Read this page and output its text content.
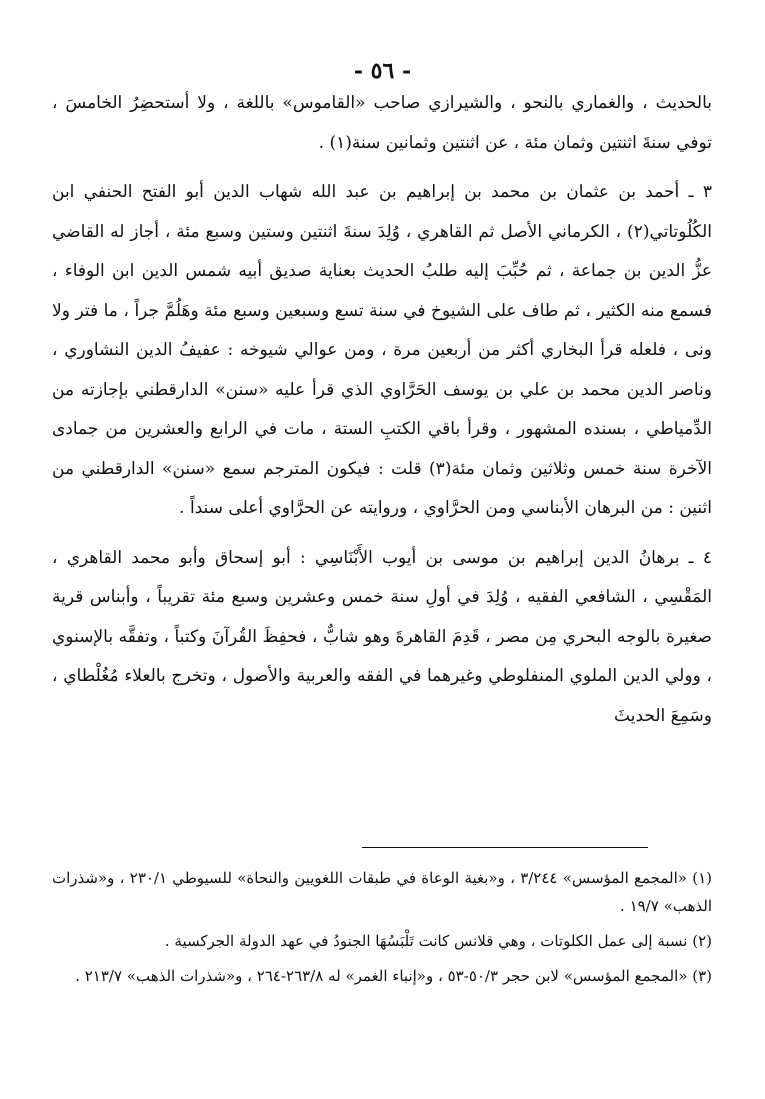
- ٥٦ -

بالحديث ، والغماري بالنحو ، والشيرازي صاحب «القاموس» باللغة ، ولا أستحضِرُ الخامسَ ، توفي سنةَ اثنتين وثمان مئة ، عن اثنتين وثمانين سنة(١) .

٣ ـ أحمد بن عثمان بن محمد بن إبراهيم بن عبد الله شهاب الدين أبو الفتح الحنفي ابن الكُلُوتاتي(٢) ، الكرماني الأصل ثم القاهري ، وُلِدَ سنةَ اثنتين وستين وسبع مئة ، أجاز له القاضي عزُّ الدين بن جماعة ، ثم حُبِّبَ إليه طلبُ الحديث بعناية صديق أبيه شمس الدين ابن الوفاء ، فسمع منه الكثير ، ثم طاف على الشيوخ في سنة تسع وسبعين وسبع مئة وهَلُمَّ جراً ، ما فتر ولا ونى ، فلعله قرأ البخاري أكثر من أربعين مرة ، ومن عوالي شيوخه : عفيفُ الدين النشاوري ، وناصر الدين محمد بن علي بن يوسف الحَرَّاوي الذي قرأ عليه «سنن» الدارقطني بإجازته من الدِّمياطي ، بسنده المشهور ، وقرأ باقي الكتبِ الستة ، مات في الرابع والعشرين من جمادى الآخرة سنة خمس وثلاثين وثمان مئة(٣) قلت : فيكون المترجم سمع «سنن» الدارقطني من اثنين : من البرهان الأبناسي ومن الحرَّاوي ، وروايته عن الحرَّاوي أعلى سنداً .

٤ ـ برهانُ الدين إبراهيم بن موسى بن أيوب الأَبْنَاسِي : أبو إسحاق وأبو محمد القاهري ، المَقْسِي ، الشافعي الفقيه ، وُلِدَ في أولِ سنة خمس وعشرين وسبع مئة تقريباً ، وأبناس قرية صغيرة بالوجه البحري مِن مصر ، قَدِمَ القاهرةَ وهو شابٌّ ، فحفِظَ القُرآنَ وكتباً ، وتفقَّه بالإسنوي ، وولي الدين الملوي المنفلوطي وغيرهما في الفقه والعربية والأصول ، وتخرج بالعلاء مُغُلْطاي ، وسَمِعَ الحديثَ

(١) «المجمع المؤسس» ٣/٢٤٤ ، و«بغية الوعاة في طبقات اللغويين والنحاة» للسيوطي ٢٣٠/١ ، و«شذرات الذهب» ١٩/٧ .

(٢) نسبة إلى عمل الكلوتات ، وهي قلانس كانت تَلْبَسُهَا الجنودُ في عهد الدولة الجركسية .

(٣) «المجمع المؤسس» لابن حجر ٥٠/٣-٥٣ ، و«إنباء الغمر» له ٢٦٣/٨-٢٦٤ ، و«شذرات الذهب» ٢١٣/٧ .
